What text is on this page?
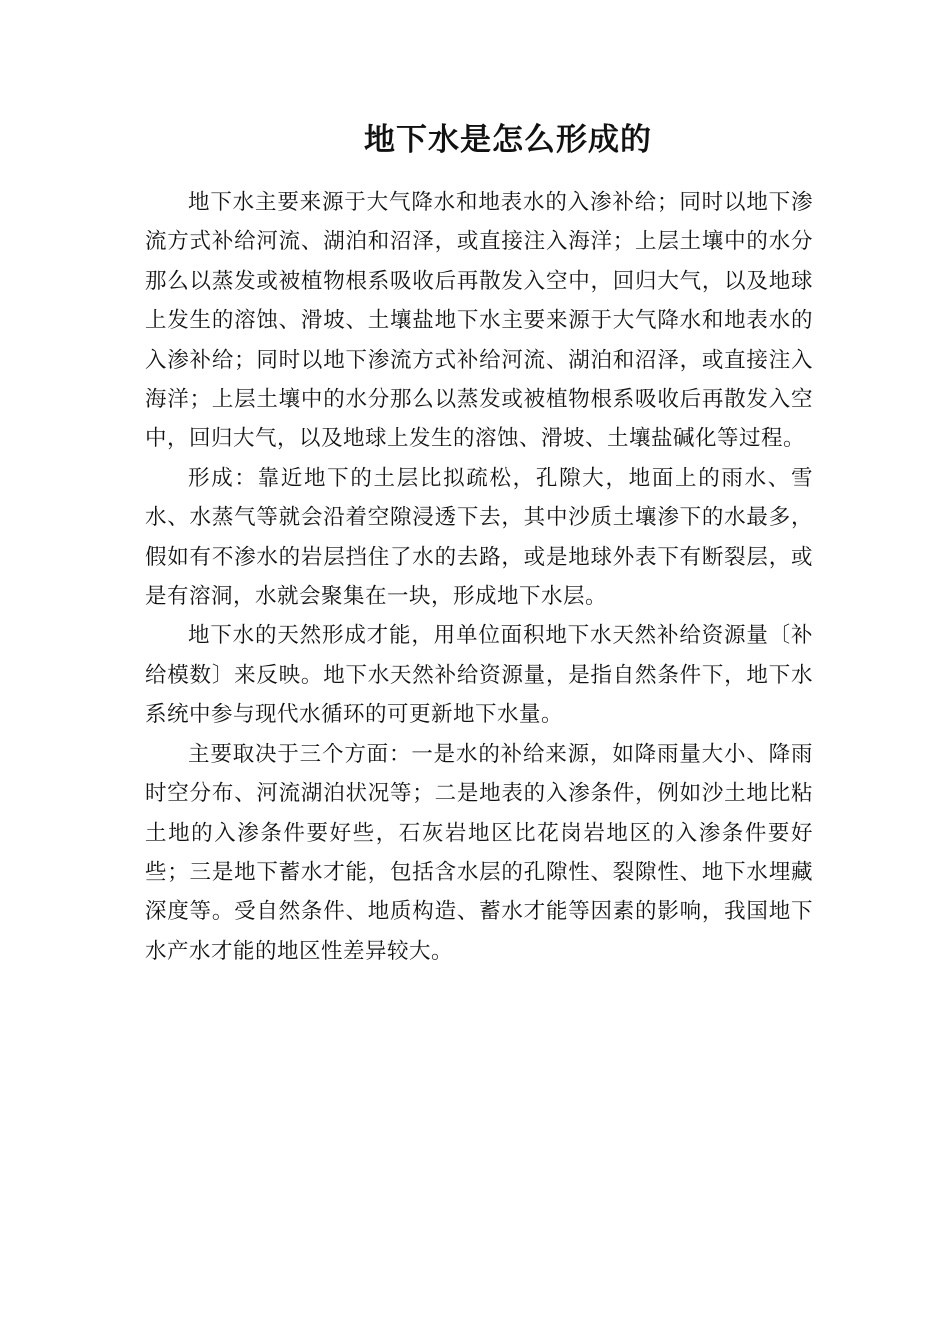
地下水是怎么形成的

地下水主要来源于大气降水和地表水的入渗补给；同时以地下渗流方式补给河流、湖泊和沼泽，或直接注入海洋；上层土壤中的水分那么以蒸发或被植物根系吸收后再散发入空中，回归大气，以及地球上发生的溶蚀、滑坡、土壤盐地下水主要来源于大气降水和地表水的入渗补给；同时以地下渗流方式补给河流、湖泊和沼泽，或直接注入海洋；上层土壤中的水分那么以蒸发或被植物根系吸收后再散发入空中，回归大气，以及地球上发生的溶蚀、滑坡、土壤盐碱化等过程。

形成：靠近地下的土层比拟疏松，孔隙大，地面上的雨水、雪水、水蒸气等就会沿着空隙浸透下去，其中沙质土壤渗下的水最多，假如有不渗水的岩层挡住了水的去路，或是地球外表下有断裂层，或是有溶洞，水就会聚集在一块，形成地下水层。

地下水的天然形成才能，用单位面积地下水天然补给资源量〔补给模数〕来反映。地下水天然补给资源量，是指自然条件下，地下水系统中参与现代水循环的可更新地下水量。

主要取决于三个方面：一是水的补给来源，如降雨量大小、降雨时空分布、河流湖泊状况等；二是地表的入渗条件，例如沙土地比粘土地的入渗条件要好些，石灰岩地区比花岗岩地区的入渗条件要好些；三是地下蓄水才能，包括含水层的孔隙性、裂隙性、地下水埋藏深度等。受自然条件、地质构造、蓄水才能等因素的影响，我国地下水产水才能的地区性差异较大。
